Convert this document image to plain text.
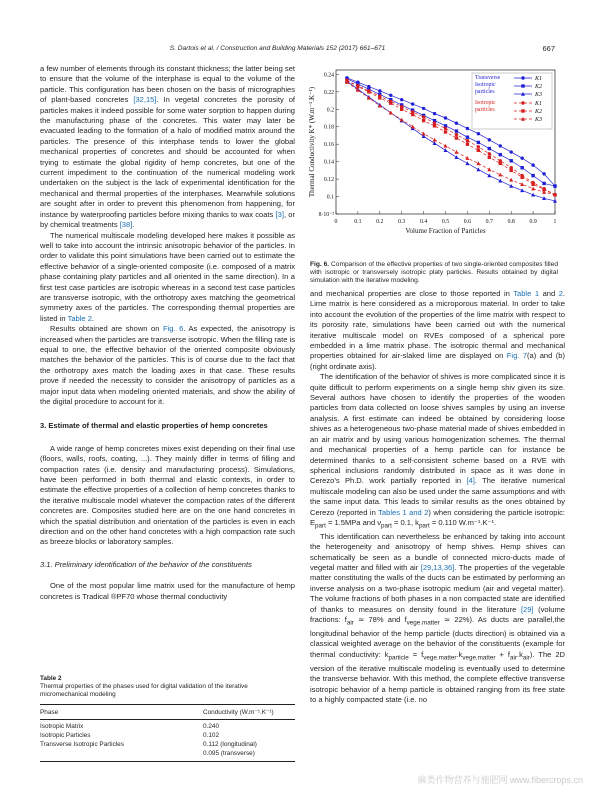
S. Dartois et al. / Construction and Building Materials 152 (2017) 661–671	667

a few number of elements through its constant thickness; the latter being set to ensure that the volume of the interphase is equal to the volume of the particle. This configuration has been chosen on the basis of micrographies of plant-based concretes [32,15]. In vegetal concretes the porosity of particles makes it indeed possible for some water sorption to happen during the manufacturing phase of the concretes. This water may later be evacuated leading to the formation of a halo of modified matrix around the particles. The presence of this interphase tends to lower the global mechanical properties of concretes and should be accounted for when trying to estimate the global rigidity of hemp concretes, but one of the current impediment to the continuation of the numerical modeling work undertaken on the subject is the lack of experimental identification for the mechanical and thermal properties of the interphases. Meanwhile solutions are sought after in order to prevent this phenomenon from happening, for instance by waterproofing particles before mixing thanks to wax coats [3], or by chemical treatments [38].

The numerical multiscale modeling developed here makes it possible as well to take into account the intrinsic anisotropic behavior of the particles. In order to validate this point simulations have been carried out to estimate the effective behavior of a single-oriented composite (i.e. composed of a matrix phase containing platy particles and all oriented in the same direction). In a first test case particles are isotropic whereas in a second test case particles are transverse isotropic, with the orthotropy axes matching the geometrical symmetry axes of the particles. The corresponding thermal properties are listed in Table 2.

Results obtained are shown on Fig. 6. As expected, the anisotropy is increased when the particles are transverse isotropic. When the filling rate is equal to one, the effective behavior of the oriented composite obviously matches the behavior of the particles. This is of course due to the fact that the orthotropy axes match the loading axes in that case. These results prove if needed the necessity to consider the anisotropy of particles as a major input data when modeling oriented materials, and show the ability of the digital procedure to account for it.

3. Estimate of thermal and elastic properties of hemp concretes

A wide range of hemp concretes mixes exist depending on their final use (floors, walls, roofs, coating, ...). They mainly differ in terms of filling and compaction rates (i.e. density and manufacturing process). Simulations, have been performed in both thermal and elastic contexts, in order to estimate the effective properties of a collection of hemp concretes thanks to the iterative multiscale model whatever the compaction rates of the different concretes are. Composites studied here are on the one hand concretes in which the spatial distribution and orientation of the particles is even in each direction and on the other hand concretes with a high compaction rate such as breeze blocks or laboratory samples.

3.1. Preliminary identification of the behavior of the constituents

One of the most popular lime matrix used for the manufacture of hemp concretes is Tradical ®PF70 whose thermal conductivity

Table 2
Thermal properties of the phases used for digital validation of the iterative micromechanical modeling
Phase	Conductivity (W.m⁻¹.K⁻¹)

Isotropic Matrix	0.240
Isotropic Particles	0.102
Transverse Isotropic Particles	0.112 (longitudinal)
	0.095 (transverse)
0	0.1	0.2	0.3	0.4	0.5	0.6	0.7	0.8	0.9	1
8·10⁻²
0.1
0.12
0.14
0.16
0.18
0.2
0.22
0.24
Volume Fraction of Particles
Thermal Conductivity K* (W.m⁻¹.K⁻¹)
Transverse
Isotropic
particles
K1
K2
K3
Isotropic
particles
K1
K2
K3
Fig. 6. Comparison of the effective properties of two single-oriented composites filled with isotropic or transversely isotropic platy particles. Results obtained by digital simulation with the iterative modeling.

and mechanical properties are close to those reported in Table 1 and 2. Lime matrix is here considered as a microporous material. In order to take into account the evolution of the properties of the lime matrix with respect to its porosity rate, simulations have been carried out with the numerical iterative multiscale model on RVEs composed of a spherical pore embedded in a lime matrix phase. The isotropic thermal and mechanical properties obtained for air-slaked lime are displayed on Fig. 7(a) and (b) (right ordinate axis).

The identification of the behavior of shives is more complicated since it is quite difficult to perform experiments on a single hemp shiv given its size. Several authors have chosen to identify the properties of the wooden particles from data collected on loose shives samples by using an inverse analysis. A first estimate can indeed be obtained by considering loose shives as a heterogeneous two-phase material made of shives embedded in an air matrix and by using various homogenization schemes. The thermal and mechanical properties of a hemp particle can for instance be determined thanks to a self-consistent scheme based on a RVE with spherical inclusions randomly distributed in space as it was done in Cerezo’s Ph.D. work partially reported in [4]. The iterative numerical multiscale modeling can also be used under the same assumptions and with the same input data. This leads to similar results as the ones obtained by Cerezo (reported in Tables 1 and 2) when considering the particle isotropic: $E_{part} = 1.5MPa$ and $\nu_{part} = 0.1$, $k_{part} = 0.110$ W.m⁻¹.K⁻¹.

This identification can nevertheless be enhanced by taking into account the heterogeneity and anisotropy of hemp shives. Hemp shives can schematically be seen as a bundle of connected micro-ducts made of vegetal matter and filled with air [29,13,36]. The properties of the vegetable matter constituting the walls of the ducts can be estimated by performing an inverse analysis on a two-phase isotropic medium (air and vegetal matter). The volume fractions of both phases in a non compacted state are identified of thanks to measures on density found in the literature [29] (volume fractions: $f_{air}$ ≃ 78% and $f_{vege.matter}$ ≃ 22%). As ducts are parallel,the longitudinal behavior of the hemp particle (ducts direction) is obtained via a classical weighted average on the behavior of the constituents (example for thermal conductivity: $k_{particle} = f_{vege.matter}.k_{vege.matter} + f_{air}.k_{air}$). The 2D version of the iterative multiscale modeling is eventually used to determine the transverse behavior. With this method, the complete effective transverse isotropic behavior of a hemp particle is obtained ranging from its free state to a highly compacted state (i.e. no

麻类作物营养与施肥网 www.fibercrops.cn
